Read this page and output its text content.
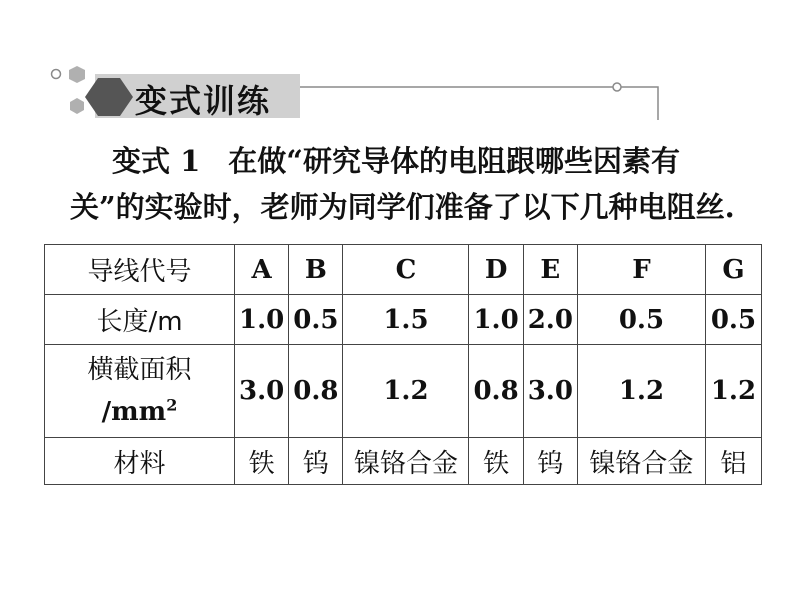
变式训练
变式 1 在做“研究导体的电阻跟哪些因素有
关”的实验时，老师为同学们准备了以下几种电阻丝.
导线代号	A	B	C	D	E	F	G
长度/m	1.0	0.5	1.5	1.0	2.0	0.5	0.5
横截面积
$/mm^2$	3.0	0.8	1.2	0.8	3.0	1.2	1.2
材料	铁	钨	镍铬合金	铁	钨	镍铬合金	铝
